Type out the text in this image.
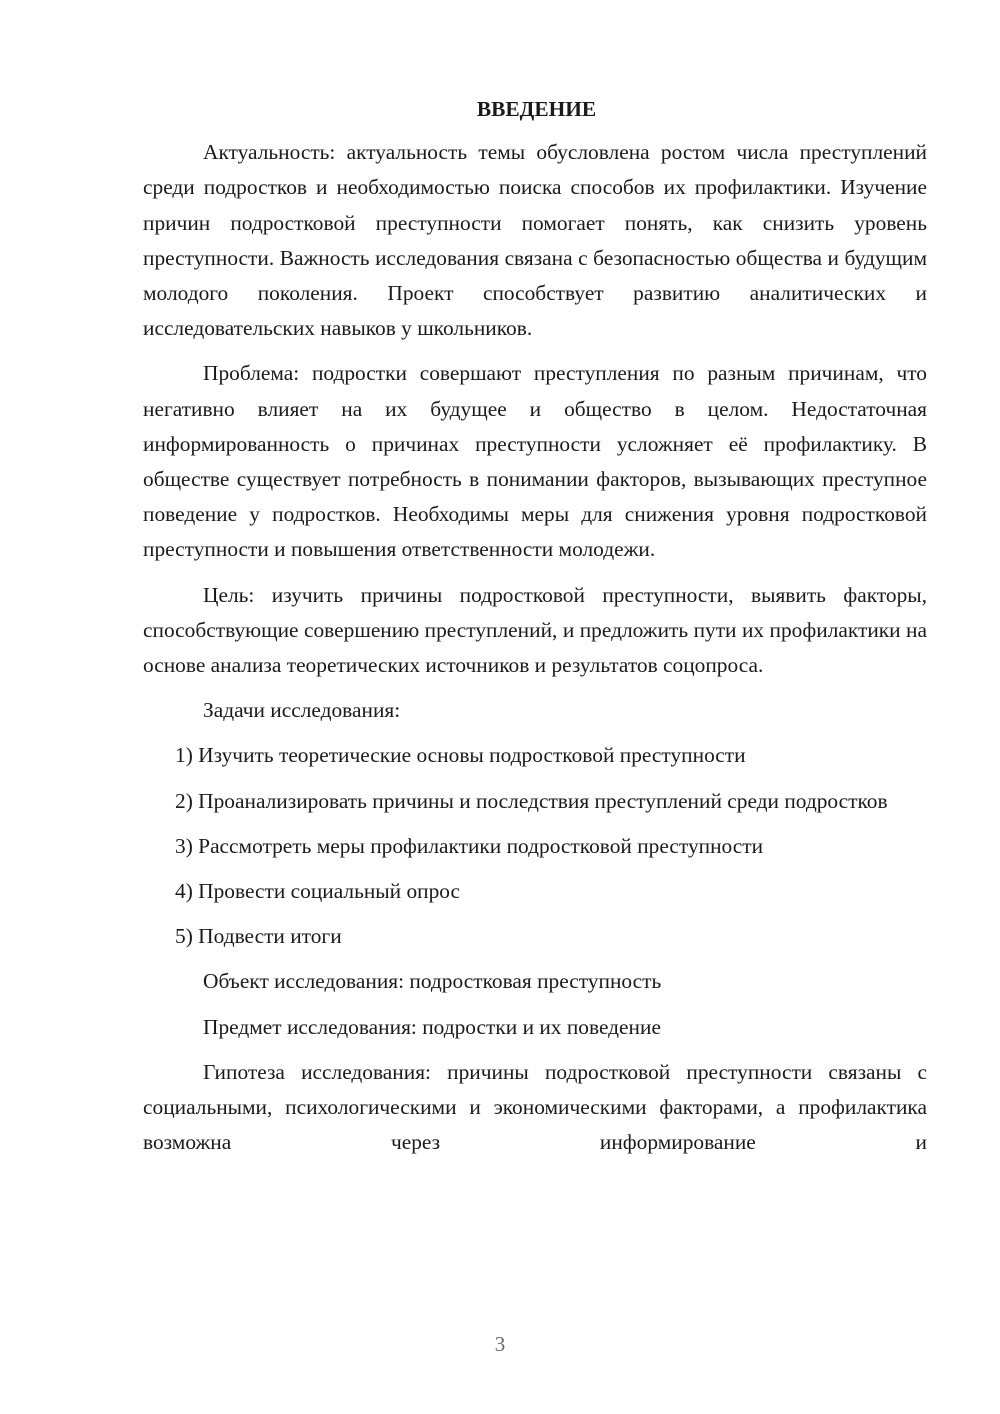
ВВЕДЕНИЕ

Актуальность: актуальность темы обусловлена ростом числа преступлений среди подростков и необходимостью поиска способов их профилактики. Изучение причин подростковой преступности помогает понять, как снизить уровень преступности. Важность исследования связана с безопасностью общества и будущим молодого поколения. Проект способствует развитию аналитических и исследовательских навыков у школьников.

Проблема: подростки совершают преступления по разным причинам, что негативно влияет на их будущее и общество в целом. Недостаточная информированность о причинах преступности усложняет её профилактику. В обществе существует потребность в понимании факторов, вызывающих преступное поведение у подростков. Необходимы меры для снижения уровня подростковой преступности и повышения ответственности молодежи.

Цель: изучить причины подростковой преступности, выявить факторы, способствующие совершению преступлений, и предложить пути их профилактики на основе анализа теоретических источников и результатов соцопроса.

Задачи исследования:

1) Изучить теоретические основы подростковой преступности

2) Проанализировать причины и последствия преступлений среди подростков

3) Рассмотреть меры профилактики подростковой преступности

4) Провести социальный опрос

5) Подвести итоги

Объект исследования: подростковая преступность

Предмет исследования: подростки и их поведение

Гипотеза исследования: причины подростковой преступности связаны с социальными, психологическими и экономическими факторами, а профилактика возможна через информирование и

3
